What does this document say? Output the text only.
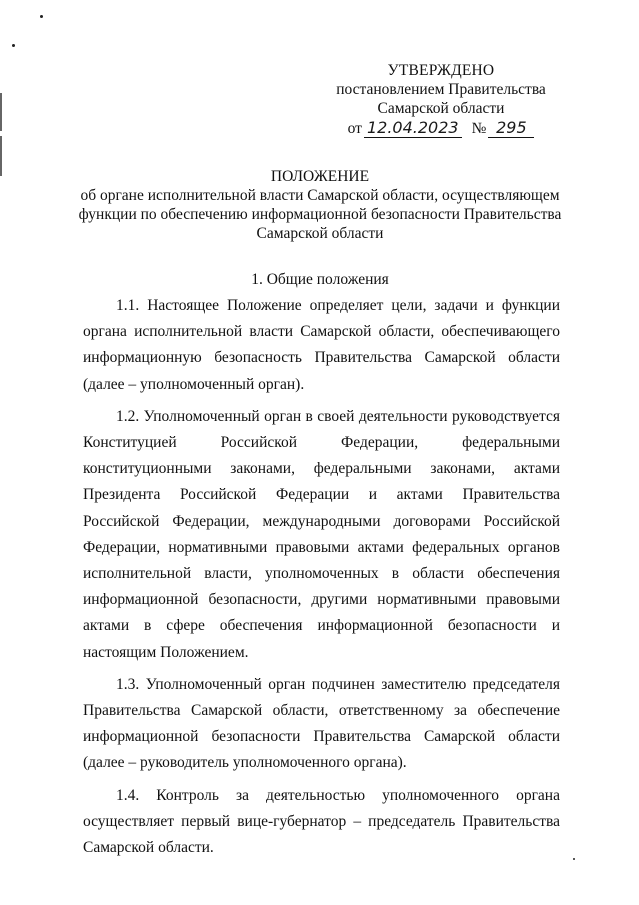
УТВЕРЖДЕНО
постановлением Правительства
Самарской области
от 12.04.2023 № 295
ПОЛОЖЕНИЕ
об органе исполнительной власти Самарской области, осуществляющем
функции по обеспечению информационной безопасности Правительства
Самарской области
1. Общие положения

1.1. Настоящее Положение определяет цели, задачи и функции органа исполнительной власти Самарской области, обеспечивающего информационную безопасность Правительства Самарской области (далее – уполномоченный орган).

1.2. Уполномоченный орган в своей деятельности руководствуется Конституцией Российской Федерации, федеральными конституционными законами, федеральными законами, актами Президента Российской Федерации и актами Правительства Российской Федерации, международными договорами Российской Федерации, нормативными правовыми актами федеральных органов исполнительной власти, уполномоченных в области обеспечения информационной безопасности, другими нормативными правовыми актами в сфере обеспечения информационной безопасности и настоящим Положением.

1.3. Уполномоченный орган подчинен заместителю председателя Правительства Самарской области, ответственному за обеспечение информационной безопасности Правительства Самарской области (далее – руководитель уполномоченного органа).

1.4. Контроль за деятельностью уполномоченного органа осуществляет первый вице-губернатор – председатель Правительства Самарской области.
